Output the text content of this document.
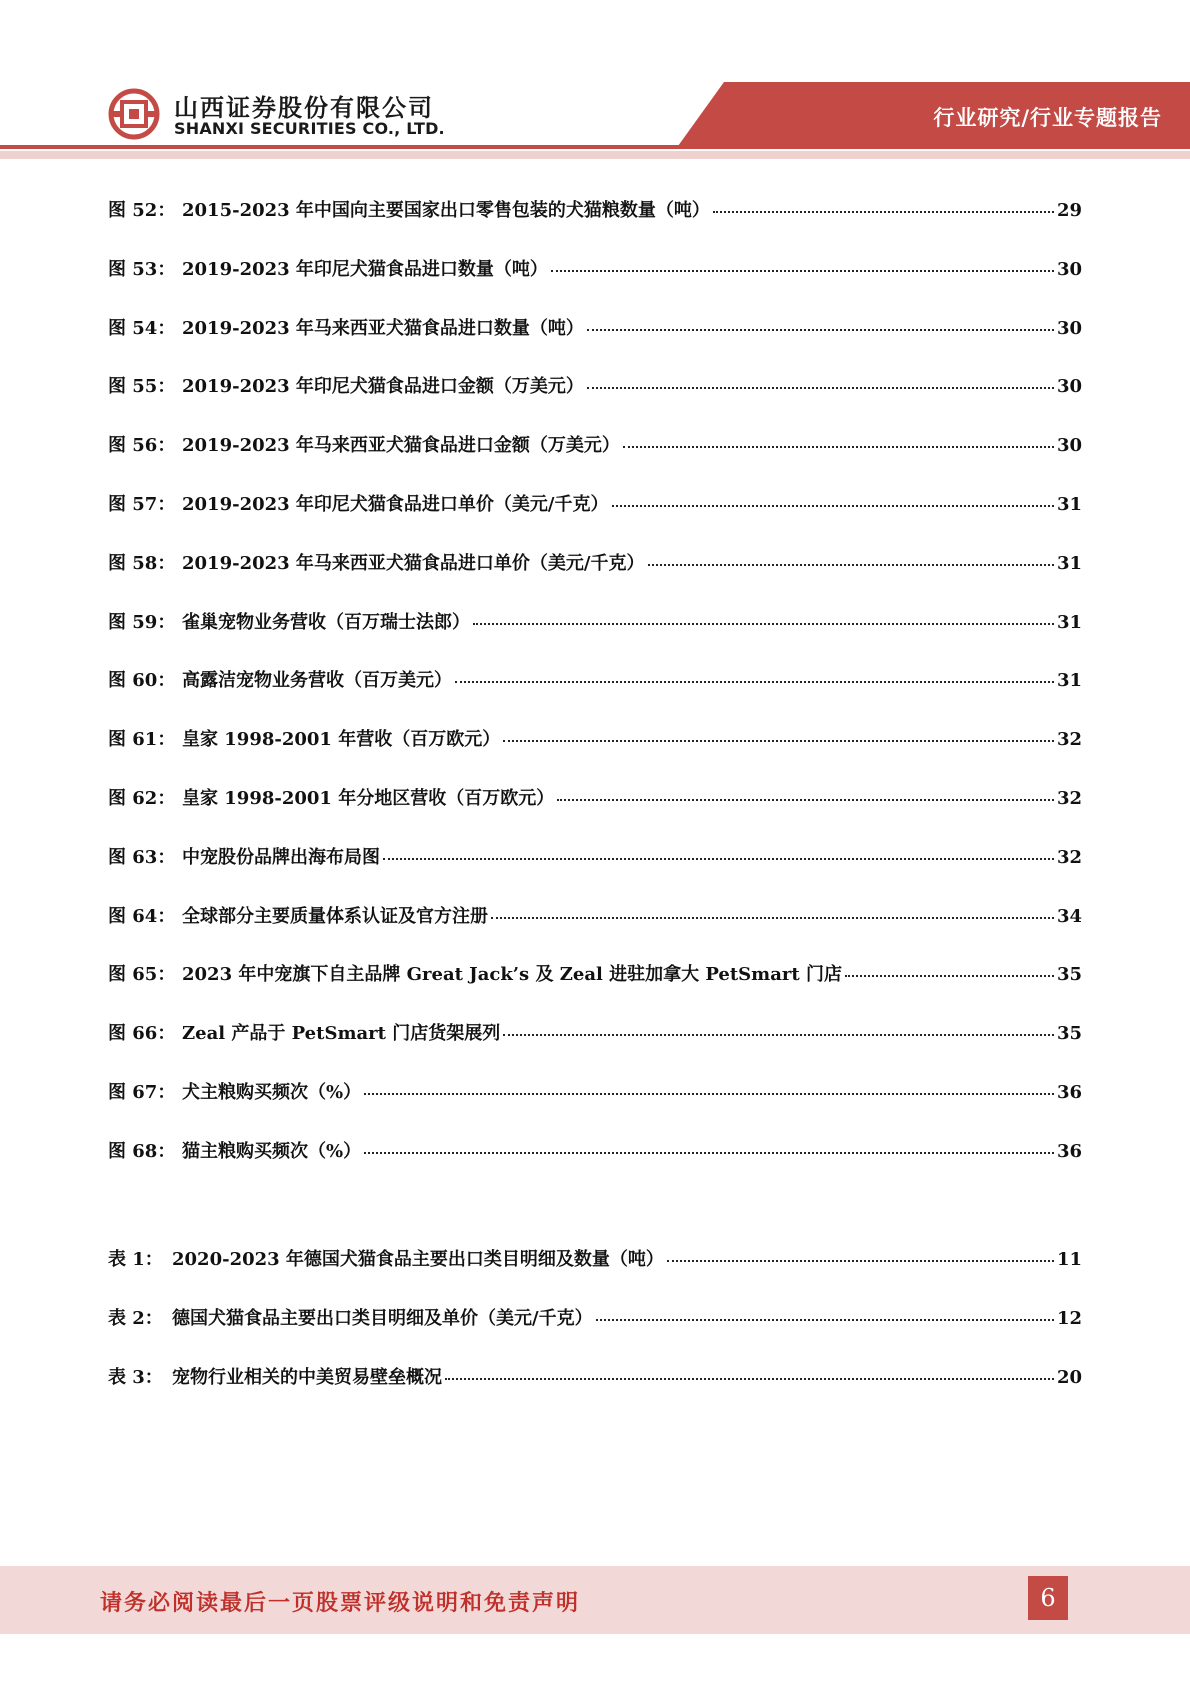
山西证券股份有限公司
SHANXI SECURITIES CO., LTD.	行业研究/行业专题报告
图 52： 2015-2023 年中国向主要国家出口零售包装的犬猫粮数量（吨）	29
图 53： 2019-2023 年印尼犬猫食品进口数量（吨）	30
图 54： 2019-2023 年马来西亚犬猫食品进口数量（吨）	30
图 55： 2019-2023 年印尼犬猫食品进口金额（万美元）	30
图 56： 2019-2023 年马来西亚犬猫食品进口金额（万美元）	30
图 57： 2019-2023 年印尼犬猫食品进口单价（美元/千克）	31
图 58： 2019-2023 年马来西亚犬猫食品进口单价（美元/千克）	31
图 59： 雀巢宠物业务营收（百万瑞士法郎）	31
图 60： 高露洁宠物业务营收（百万美元）	31
图 61： 皇家 1998-2001 年营收（百万欧元）	32
图 62： 皇家 1998-2001 年分地区营收（百万欧元）	32
图 63： 中宠股份品牌出海布局图	32
图 64： 全球部分主要质量体系认证及官方注册	34
图 65： 2023 年中宠旗下自主品牌 Great Jack’s 及 Zeal 进驻加拿大 PetSmart 门店	35
图 66： Zeal 产品于 PetSmart 门店货架展列	35
图 67： 犬主粮购买频次（%）	36
图 68： 猫主粮购买频次（%）	36
表 1： 2020-2023 年德国犬猫食品主要出口类目明细及数量（吨）	11
表 2： 德国犬猫食品主要出口类目明细及单价（美元/千克）	12
表 3： 宠物行业相关的中美贸易壁垒概况	20
请务必阅读最后一页股票评级说明和免责声明	6
